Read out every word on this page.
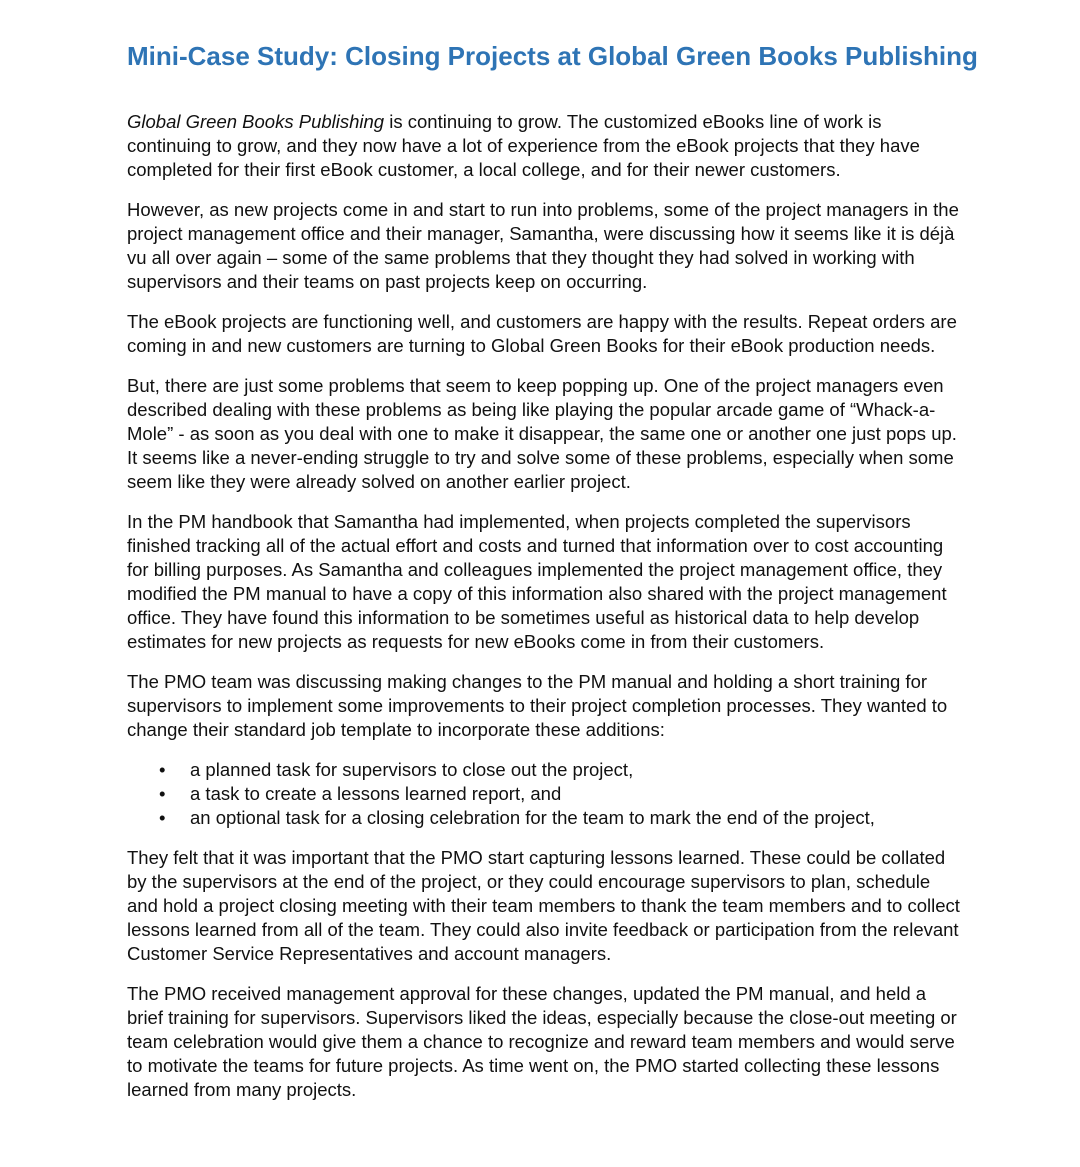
Mini-Case Study: Closing Projects at Global Green Books Publishing

Global Green Books Publishing is continuing to grow. The customized eBooks line of work is continuing to grow, and they now have a lot of experience from the eBook projects that they have completed for their first eBook customer, a local college, and for their newer customers.

However, as new projects come in and start to run into problems, some of the project managers in the project management office and their manager, Samantha, were discussing how it seems like it is déjà vu all over again – some of the same problems that they thought they had solved in working with supervisors and their teams on past projects keep on occurring.

The eBook projects are functioning well, and customers are happy with the results. Repeat orders are coming in and new customers are turning to Global Green Books for their eBook production needs.

But, there are just some problems that seem to keep popping up. One of the project managers even described dealing with these problems as being like playing the popular arcade game of “Whack-a-Mole” - as soon as you deal with one to make it disappear, the same one or another one just pops up. It seems like a never-ending struggle to try and solve some of these problems, especially when some seem like they were already solved on another earlier project.

In the PM handbook that Samantha had implemented, when projects completed the supervisors finished tracking all of the actual effort and costs and turned that information over to cost accounting for billing purposes. As Samantha and colleagues implemented the project management office, they modified the PM manual to have a copy of this information also shared with the project management office. They have found this information to be sometimes useful as historical data to help develop estimates for new projects as requests for new eBooks come in from their customers.

The PMO team was discussing making changes to the PM manual and holding a short training for supervisors to implement some improvements to their project completion processes. They wanted to change their standard job template to incorporate these additions:

• a planned task for supervisors to close out the project,
• a task to create a lessons learned report, and
• an optional task for a closing celebration for the team to mark the end of the project,

They felt that it was important that the PMO start capturing lessons learned. These could be collated by the supervisors at the end of the project, or they could encourage supervisors to plan, schedule and hold a project closing meeting with their team members to thank the team members and to collect lessons learned from all of the team. They could also invite feedback or participation from the relevant Customer Service Representatives and account managers.

The PMO received management approval for these changes, updated the PM manual, and held a brief training for supervisors. Supervisors liked the ideas, especially because the close-out meeting or team celebration would give them a chance to recognize and reward team members and would serve to motivate the teams for future projects. As time went on, the PMO started collecting these lessons learned from many projects.
